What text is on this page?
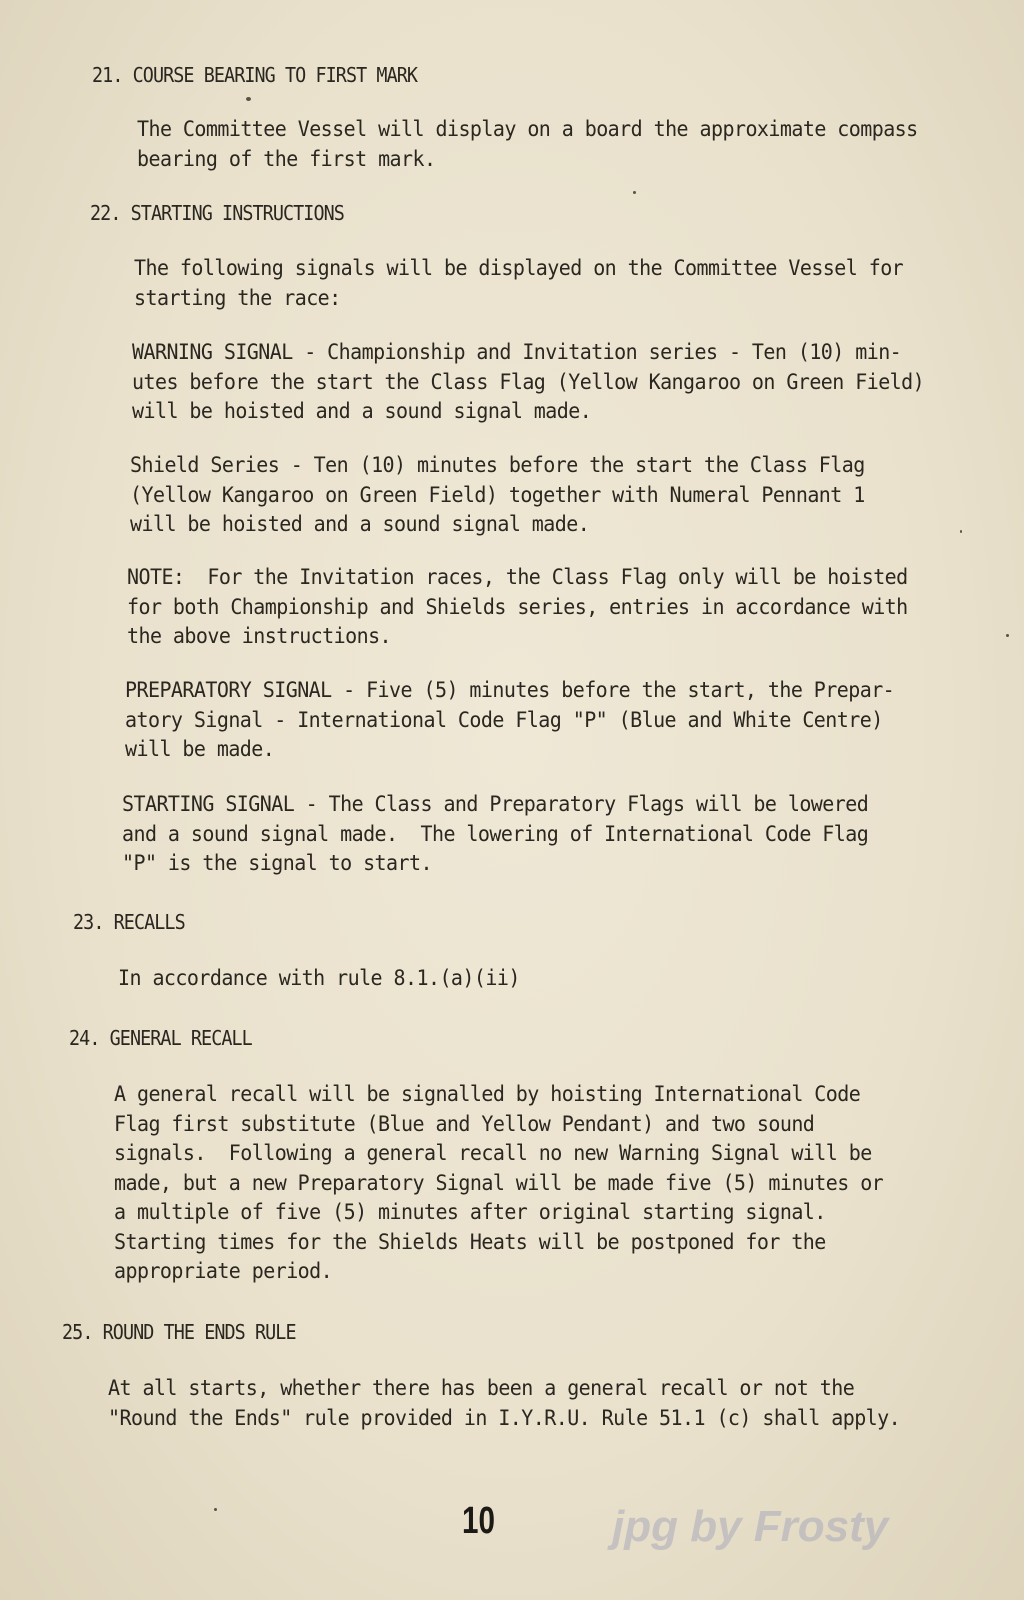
21. COURSE BEARING TO FIRST MARK
The Committee Vessel will display on a board the approximate compass
bearing of the first mark.
22. STARTING INSTRUCTIONS
The following signals will be displayed on the Committee Vessel for
starting the race:
WARNING SIGNAL - Championship and Invitation series - Ten (10) min-
utes before the start the Class Flag (Yellow Kangaroo on Green Field)
will be hoisted and a sound signal made.
Shield Series - Ten (10) minutes before the start the Class Flag
(Yellow Kangaroo on Green Field) together with Numeral Pennant 1
will be hoisted and a sound signal made.
NOTE:  For the Invitation races, the Class Flag only will be hoisted
for both Championship and Shields series, entries in accordance with
the above instructions.
PREPARATORY SIGNAL - Five (5) minutes before the start, the Prepar-
atory Signal - International Code Flag "P" (Blue and White Centre)
will be made.
STARTING SIGNAL - The Class and Preparatory Flags will be lowered
and a sound signal made.  The lowering of International Code Flag
"P" is the signal to start.
23. RECALLS
In accordance with rule 8.1.(a)(ii)
24. GENERAL RECALL
A general recall will be signalled by hoisting International Code
Flag first substitute (Blue and Yellow Pendant) and two sound
signals.  Following a general recall no new Warning Signal will be
made, but a new Preparatory Signal will be made five (5) minutes or
a multiple of five (5) minutes after original starting signal.
Starting times for the Shields Heats will be postponed for the
appropriate period.
25. ROUND THE ENDS RULE
At all starts, whether there has been a general recall or not the
"Round the Ends" rule provided in I.Y.R.U. Rule 51.1 (c) shall apply.
10	jpg by Frosty
